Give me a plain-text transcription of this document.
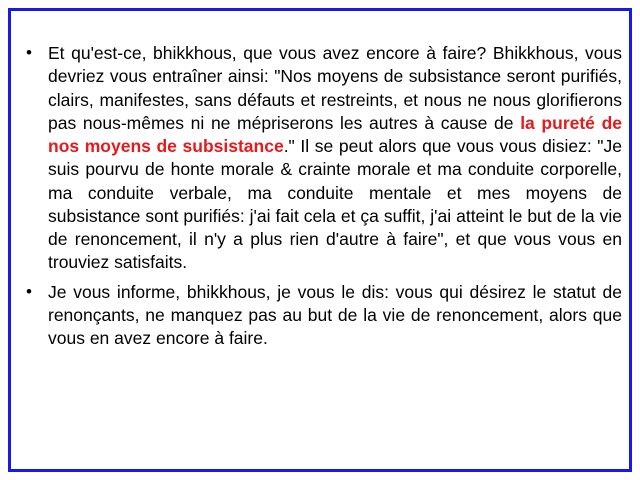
• Et qu'est-ce, bhikkhous, que vous avez encore à faire? Bhikkhous, vous devriez vous entraîner ainsi: "Nos moyens de subsistance seront purifiés, clairs, manifestes, sans défauts et restreints, et nous ne nous glorifierons pas nous-mêmes ni ne mépriserons les autres à cause de la pureté de nos moyens de subsistance." Il se peut alors que vous vous disiez: "Je suis pourvu de honte morale & crainte morale et ma conduite corporelle, ma conduite verbale, ma conduite mentale et mes moyens de subsistance sont purifiés: j'ai fait cela et ça suffit, j'ai atteint le but de la vie de renoncement, il n'y a plus rien d'autre à faire", et que vous vous en trouviez satisfaits.
• Je vous informe, bhikkhous, je vous le dis: vous qui désirez le statut de renonçants, ne manquez pas au but de la vie de renoncement, alors que vous en avez encore à faire.
